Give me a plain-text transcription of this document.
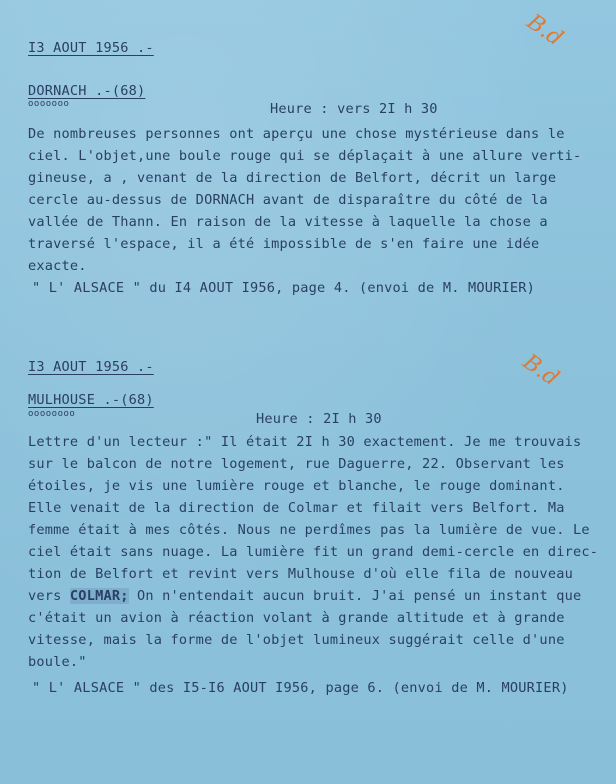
I3 AOUT 1956 .-	B.d
DORNACH .-(68)
ooooooo	Heure : vers 2I h 30
De nombreuses personnes ont aperçu une chose mystérieuse dans le
ciel. L'objet,une boule rouge qui se déplaçait à une allure verti-
gineuse, a , venant de la direction de Belfort, décrit un large
cercle au-dessus de DORNACH avant de disparaître du côté de la
vallée de Thann. En raison de la vitesse à laquelle la chose a
traversé l'espace, il a été impossible de s'en faire une idée
exacte.
" L' ALSACE " du I4 AOUT I956, page 4. (envoi de M. MOURIER)
I3 AOUT 1956 .-	B.d
MULHOUSE .-(68)
oooooooo	Heure : 2I h 30
Lettre d'un lecteur :" Il était 2I h 30 exactement. Je me trouvais
sur le balcon de notre logement, rue Daguerre, 22. Observant les
étoiles, je vis une lumière rouge et blanche, le rouge dominant.
Elle venait de la direction de Colmar et filait vers Belfort. Ma
femme était à mes côtés. Nous ne perdîmes pas la lumière de vue. Le
ciel était sans nuage. La lumière fit un grand demi-cercle en direc-
tion de Belfort et revint vers Mulhouse d'où elle fila de nouveau
vers COLMAR; On n'entendait aucun bruit. J'ai pensé un instant que
c'était un avion à réaction volant à grande altitude et à grande
vitesse, mais la forme de l'objet lumineux suggérait celle d'une
boule."
" L' ALSACE " des I5-I6 AOUT I956, page 6. (envoi de M. MOURIER)
